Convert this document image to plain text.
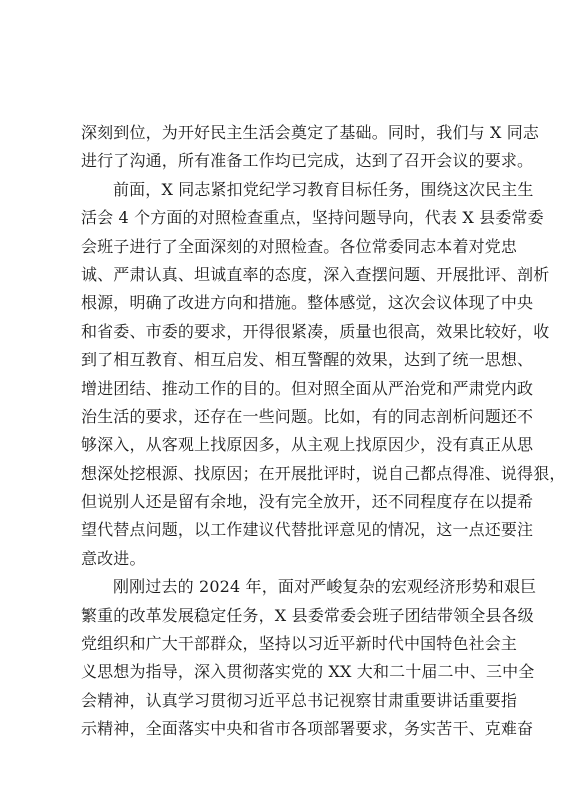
深刻到位，为开好民主生活会奠定了基础。同时，我们与 X 同志
进行了沟通，所有准备工作均已完成，达到了召开会议的要求。
前面，X 同志紧扣党纪学习教育目标任务，围绕这次民主生
活会 4 个方面的对照检查重点，坚持问题导向，代表 X 县委常委
会班子进行了全面深刻的对照检查。各位常委同志本着对党忠
诚、严肃认真、坦诚直率的态度，深入查摆问题、开展批评、剖析
根源，明确了改进方向和措施。整体感觉，这次会议体现了中央
和省委、市委的要求，开得很紧凑，质量也很高，效果比较好，收
到了相互教育、相互启发、相互警醒的效果，达到了统一思想、
增进团结、推动工作的目的。但对照全面从严治党和严肃党内政
治生活的要求，还存在一些问题。比如，有的同志剖析问题还不
够深入，从客观上找原因多，从主观上找原因少，没有真正从思
想深处挖根源、找原因；在开展批评时，说自己都点得准、说得狠，
但说别人还是留有余地，没有完全放开，还不同程度存在以提希
望代替点问题，以工作建议代替批评意见的情况，这一点还要注
意改进。
刚刚过去的 2024 年，面对严峻复杂的宏观经济形势和艰巨
繁重的改革发展稳定任务，X 县委常委会班子团结带领全县各级
党组织和广大干部群众，坚持以习近平新时代中国特色社会主
义思想为指导，深入贯彻落实党的 XX 大和二十届二中、三中全
会精神，认真学习贯彻习近平总书记视察甘肃重要讲话重要指
示精神，全面落实中央和省市各项部署要求，务实苦干、克难奋
